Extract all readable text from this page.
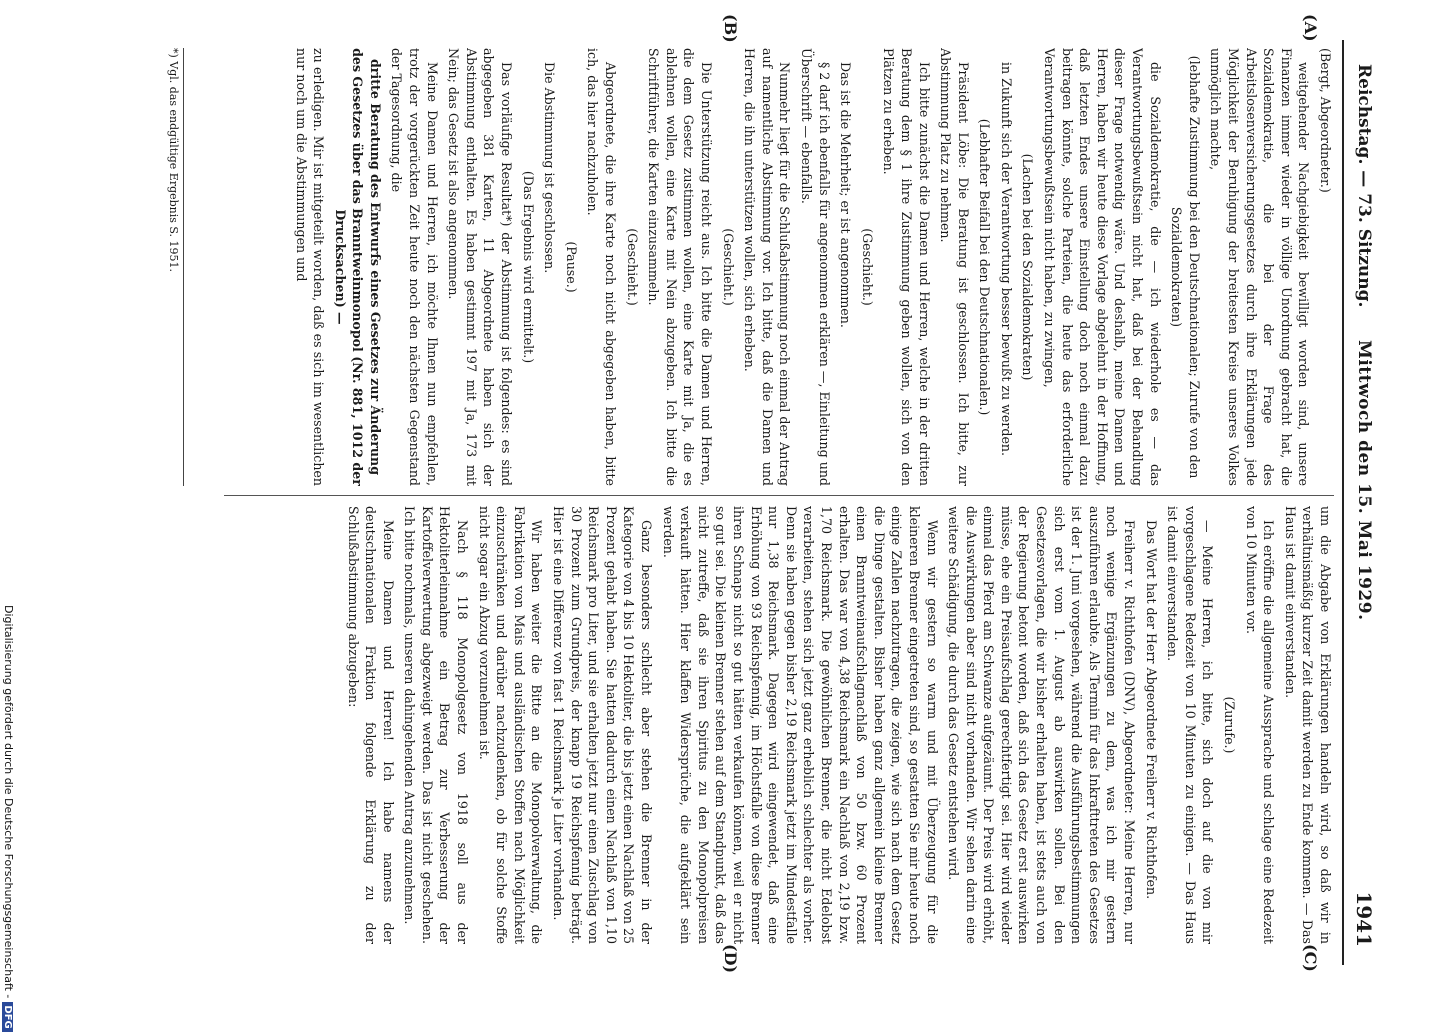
Reichstag. — 73. Sitzung.
Mittwoch den 15. Mai 1929.
1941
(A)
(B)
(C)
(D)

(Bergt, Abgeordneter.)

weitgehender Nachgiebigkeit bewilligt worden sind, unsere Finanzen immer wieder in völlige Unordnung gebracht hat, die Sozialdemokratie, die bei der Frage des Arbeitslosenversicherungsgesetzes durch ihre Erklärungen jede Möglichkeit der Beruhigung der breitesten Kreise unseres Volkes unmöglich machte,

(lebhafte Zustimmung bei den Deutschnationalen; Zurufe von den Sozialdemokraten)

die Sozialdemokratie, die — ich wiederhole es — das Verantwortungsbewußtsein nicht hat, daß bei der Behandlung dieser Frage notwendig wäre. Und deshalb, meine Damen und Herren, haben wir heute diese Vorlage abgelehnt in der Hoffnung, daß letzten Endes unsere Einstellung doch noch einmal dazu beitragen könnte, solche Parteien, die heute das erforderliche Verantwortungsbewußtsein nicht haben, zu zwingen,

(Lachen bei den Sozialdemokraten)

in Zukunft sich der Verantwortung besser bewußt zu werden.

(Lebhafter Beifall bei den Deutschnationalen.)

Präsident Löbe: Die Beratung ist geschlossen. Ich bitte, zur Abstimmung Platz zu nehmen.

Ich bitte zunächst die Damen und Herren, welche in der dritten Beratung dem § 1 ihre Zustimmung geben wollen, sich von den Plätzen zu erheben.

(Geschieht.)

Das ist die Mehrheit; er ist angenommen.

§ 2 darf ich ebenfalls für angenommen erklären —, Einleitung und Überschrift — ebenfalls.

Nunmehr liegt für die Schlußabstimmung noch einmal der Antrag auf namentliche Abstimmung vor. Ich bitte, daß die Damen und Herren, die ihn unterstützen wollen, sich erheben.

(Geschieht.)

Die Unterstützung reicht aus. Ich bitte die Damen und Herren, die dem Gesetz zustimmen wollen, eine Karte mit Ja, die es ablehnen wollen, eine Karte mit Nein abzugeben. Ich bitte die Schriftführer, die Karten einzusammeln.

(Geschieht.)

Abgeordnete, die ihre Karte noch nicht abgegeben haben, bitte ich, das hier nachzuholen.

(Pause.)

Die Abstimmung ist geschlossen.

(Das Ergebnis wird ermittelt.)

Das vorläufige Resultat*) der Abstimmung ist folgendes: es sind abgegeben 381 Karten, 11 Abgeordnete haben sich der Abstimmung enthalten. Es haben gestimmt 197 mit Ja, 173 mit Nein; das Gesetz ist also angenommen.

Meine Damen und Herren, ich möchte Ihnen nun empfehlen, trotz der vorgerückten Zeit heute noch den nächsten Gegenstand der Tagesordnung, die

dritte Beratung des Entwurfs eines Gesetzes zur Änderung des Gesetzes über das Branntweinmonopol (Nr. 881, 1012 der Drucksachen) —

zu erledigen. Mir ist mitgeteilt worden, daß es sich im wesentlichen nur noch um die Abstimmungen und

um die Abgabe von Erklärungen handeln wird, so daß wir in verhältnismäßig kurzer Zeit damit werden zu Ende kommen. — Das Haus ist damit einverstanden.

Ich eröffne die allgemeine Aussprache und schlage eine Redezeit von 10 Minuten vor.

(Zurufe.)

— Meine Herren, ich bitte, sich doch auf die von mir vorgeschlagene Redezeit von 10 Minuten zu einigen. — Das Haus ist damit einverstanden.

Das Wort hat der Herr Abgeordnete Freiherr v. Richthofen.

Freiherr v. Richthofen (DNV), Abgeordneter: Meine Herren, nur noch wenige Ergänzungen zu dem, was ich mir gestern auszuführen erlaubte. Als Termin für das Inkrafttreten des Gesetzes ist der 1. Juni vorgesehen, während die Ausführungsbestimmungen sich erst vom 1. August ab auswirken sollen. Bei den Gesetzesvorlagen, die wir bisher erhalten haben, ist stets auch von der Regierung betont worden, daß sich das Gesetz erst auswirken müsse, ehe ein Preisaufschlag gerechtfertigt sei. Hier wird wieder einmal das Pferd am Schwanze aufgezäumt. Der Preis wird erhöht, die Auswirkungen aber sind nicht vorhanden. Wir sehen darin eine weitere Schädigung, die durch das Gesetz entstehen wird.

Wenn wir gestern so warm und mit Überzeugung für die kleineren Brenner eingetreten sind, so gestatten Sie mir heute noch einige Zahlen nachzutragen, die zeigen, wie sich nach dem Gesetz die Dinge gestalten. Bisher haben ganz allgemein kleine Brenner einen Branntweinaufschlagnachlaß von 50 bzw. 60 Prozent erhalten. Das war von 4,38 Reichsmark ein Nachlaß von 2,19 bzw. 1,70 Reichsmark. Die gewöhnlichen Brenner, die nicht Edelobst verarbeiten, stehen sich jetzt ganz erheblich schlechter als vorher. Denn sie haben gegen bisher 2,19 Reichsmark jetzt im Mindestfalle nur 1,38 Reichsmark. Dagegen wird eingewendet, daß eine Erhöhung von 93 Reichspfennig, im Höchstfalle von diese Brenner ihren Schnaps nicht so gut hätten verkaufen können, weil er nicht so gut sei. Die kleinen Brenner stehen auf dem Standpunkt, daß das nicht zutreffe, daß sie ihren Spiritus zu den Monopolpreisen verkauft hätten. Hier klaffen Widersprüche, die aufgeklärt sein werden.

Ganz besonders schlecht aber stehen die Brenner in der Kategorie von 4 bis 10 Hektoliter, die bis jetzt einen Nachlaß von 25 Prozent gehabt haben. Sie hatten dadurch einen Nachlaß von 1,10 Reichsmark pro Liter, und sie erhalten jetzt nur einen Zuschlag von 30 Prozent zum Grundpreis, der knapp 19 Reichspfennig beträgt. Hier ist eine Differenz von fast 1 Reichsmark je Liter vorhanden.

Wir haben weiter die Bitte an die Monopolverwaltung, die Fabrikation von Mais und ausländischen Stoffen nach Möglichkeit einzuschränken und darüber nachzudenken, ob für solche Stoffe nicht sogar ein Abzug vorzunehmen ist.

Nach § 118 Monopolgesetz von 1918 soll aus der Hektoliterleinnahme ein Betrag zur Verbesserung der Kartoffelverwertung abgezweigt werden. Das ist nicht geschehen. Ich bitte nochmals, unseren dahingehenden Antrag anzunehmen.

Meine Damen und Herren! Ich habe namens der deutschnationalen Fraktion folgende Erklärung zu der Schlußabstimmung abzugeben:

*) Vgl. das endgültige Ergebnis S. 1951.
Digitalisierung gefördert durch die Deutsche Forschungsgemeinschaft -DFG
